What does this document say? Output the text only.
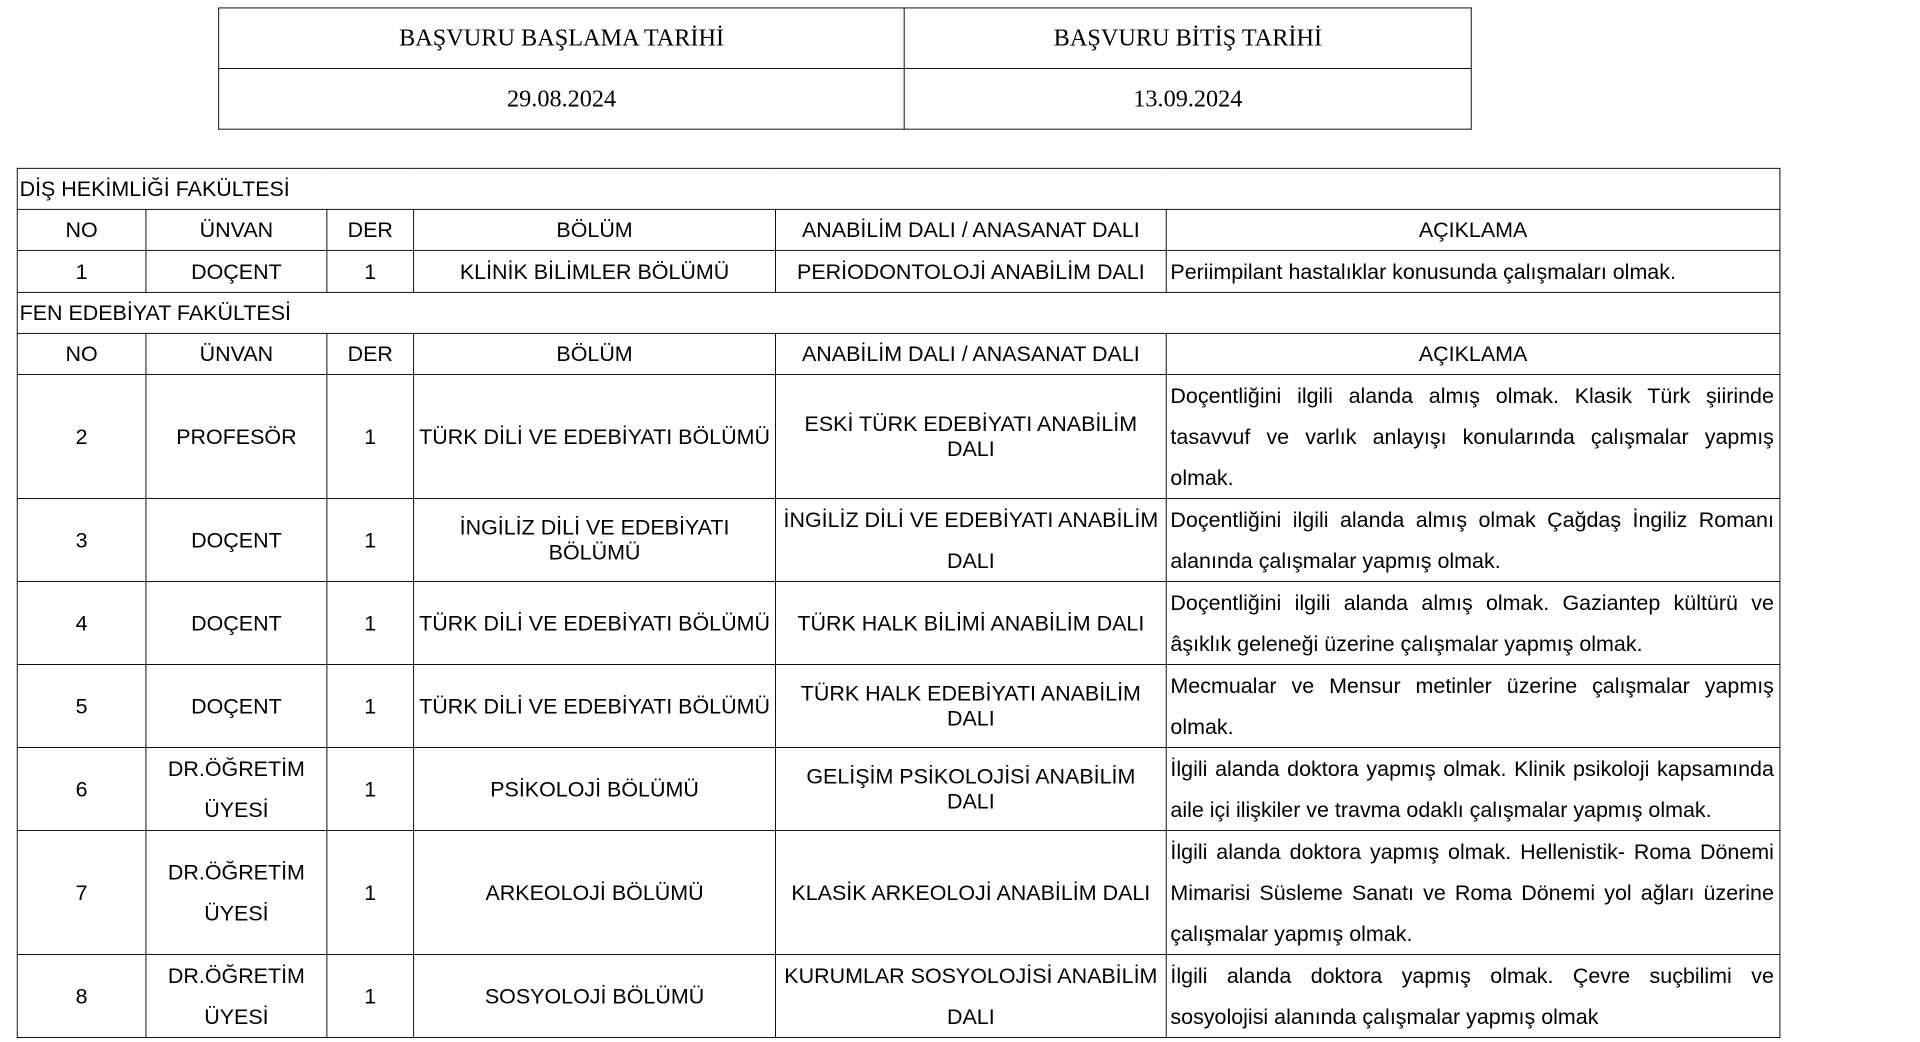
BAŞVURU BAŞLAMA TARİHİ	BAŞVURU BİTİŞ TARİHİ
29.08.2024	13.09.2024
DİŞ HEKİMLİĞİ FAKÜLTESİ					
NO	ÜNVAN	DER	BÖLÜM	ANABİLİM DALI / ANASANAT DALI	AÇIKLAMA
1	DOÇENT	1	KLİNİK BİLİMLER BÖLÜMÜ	PERİODONTOLOJİ ANABİLİM DALI	Periimpilant hastalıklar konusunda çalışmaları olmak.
FEN EDEBİYAT FAKÜLTESİ					
NO	ÜNVAN	DER	BÖLÜM	ANABİLİM DALI / ANASANAT DALI	AÇIKLAMA
2	PROFESÖR	1	TÜRK DİLİ VE EDEBİYATI BÖLÜMÜ	ESKİ TÜRK EDEBİYATI ANABİLİM DALI	Doçentliğini ilgili alanda almış olmak. Klasik Türk şiirinde tasavvuf ve varlık anlayışı konularında çalışmalar yapmış olmak.
3	DOÇENT	1	İNGİLİZ DİLİ VE EDEBİYATI BÖLÜMÜ	İNGİLİZ DİLİ VE EDEBİYATI ANABİLİM DALI	Doçentliğini ilgili alanda almış olmak Çağdaş İngiliz Romanı alanında çalışmalar yapmış olmak.
4	DOÇENT	1	TÜRK DİLİ VE EDEBİYATI BÖLÜMÜ	TÜRK HALK BİLİMİ ANABİLİM DALI	Doçentliğini ilgili alanda almış olmak. Gaziantep kültürü ve âşıklık geleneği üzerine çalışmalar yapmış olmak.
5	DOÇENT	1	TÜRK DİLİ VE EDEBİYATI BÖLÜMÜ	TÜRK HALK EDEBİYATI ANABİLİM DALI	Mecmualar ve Mensur metinler üzerine çalışmalar yapmış olmak.
6	DR.ÖĞRETİM ÜYESİ	1	PSİKOLOJİ BÖLÜMÜ	GELİŞİM PSİKOLOJİSİ ANABİLİM DALI	İlgili alanda doktora yapmış olmak. Klinik psikoloji kapsamında aile içi ilişkiler ve travma odaklı çalışmalar yapmış olmak.
7	DR.ÖĞRETİM ÜYESİ	1	ARKEOLOJİ BÖLÜMÜ	KLASİK ARKEOLOJİ ANABİLİM DALI	İlgili alanda doktora yapmış olmak. Hellenistik- Roma Dönemi Mimarisi Süsleme Sanatı ve Roma Dönemi yol ağları üzerine çalışmalar yapmış olmak.
8	DR.ÖĞRETİM ÜYESİ	1	SOSYOLOJİ BÖLÜMÜ	KURUMLAR SOSYOLOJİSİ ANABİLİM DALI	İlgili alanda doktora yapmış olmak. Çevre suçbilimi ve sosyolojisi alanında çalışmalar yapmış olmak
